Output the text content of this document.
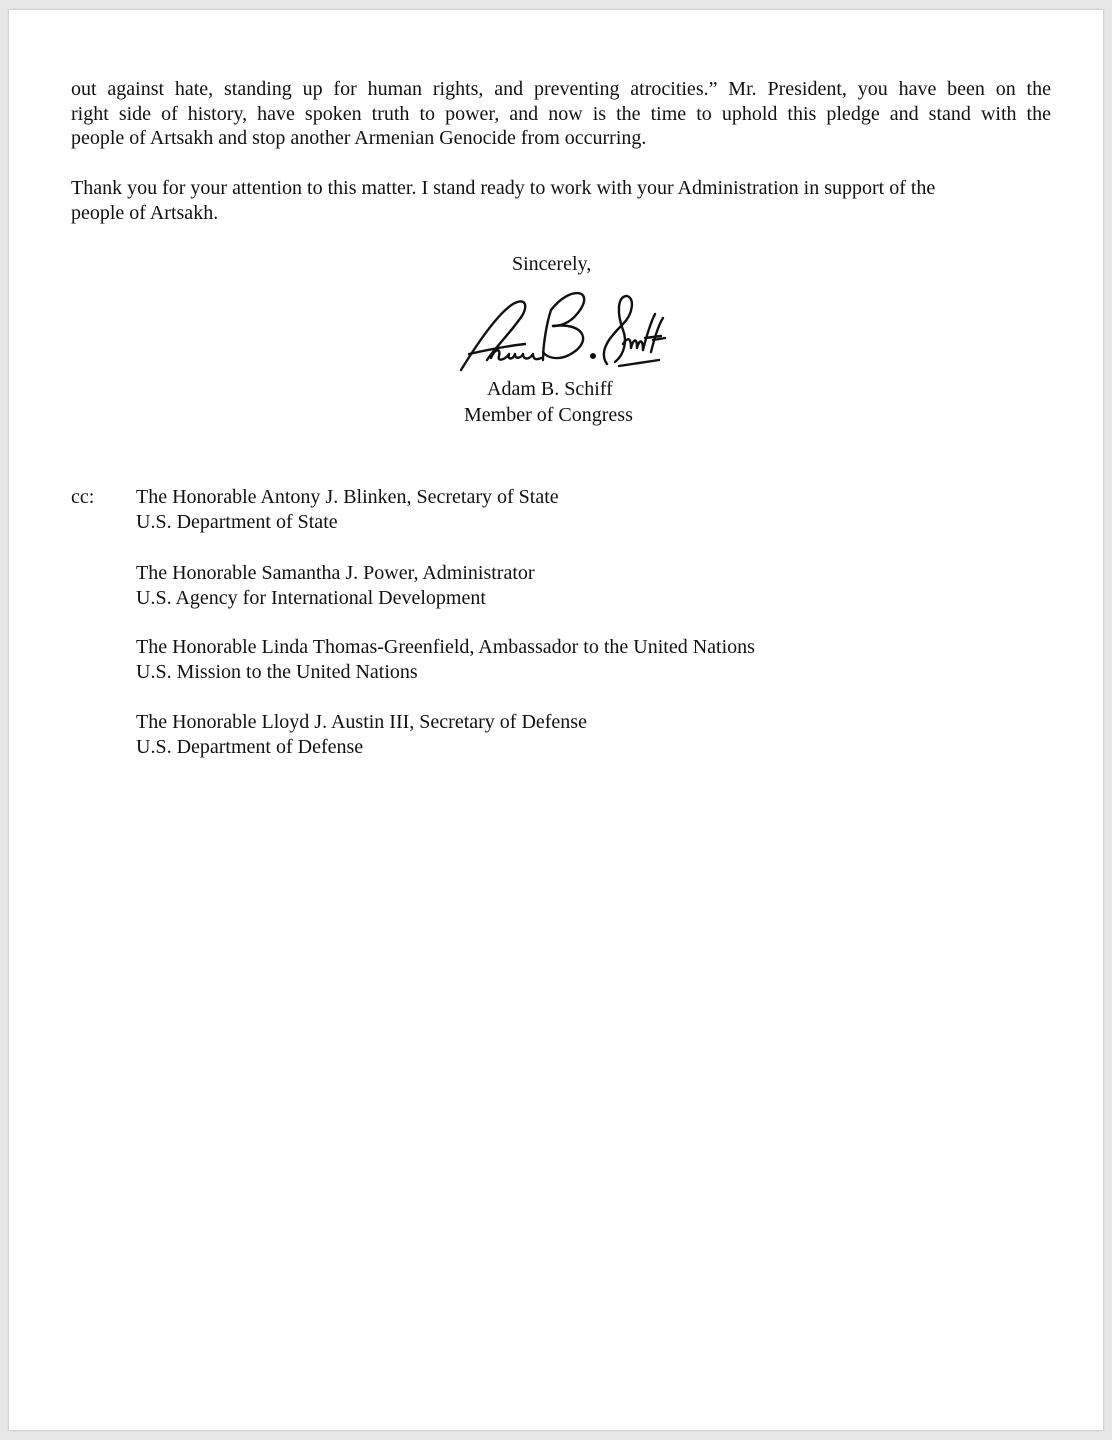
out against hate, standing up for human rights, and preventing atrocities.” Mr. President, you have been on the
right side of history, have spoken truth to power, and now is the time to uphold this pledge and stand with the
people of Artsakh and stop another Armenian Genocide from occurring.

Thank you for your attention to this matter. I stand ready to work with your Administration in support of the
people of Artsakh.

Sincerely,
Adam B. Schiff
Member of Congress
cc: The Honorable Antony J. Blinken, Secretary of State
U.S. Department of State
The Honorable Samantha J. Power, Administrator
U.S. Agency for International Development
The Honorable Linda Thomas-Greenfield, Ambassador to the United Nations
U.S. Mission to the United Nations
The Honorable Lloyd J. Austin III, Secretary of Defense
U.S. Department of Defense
